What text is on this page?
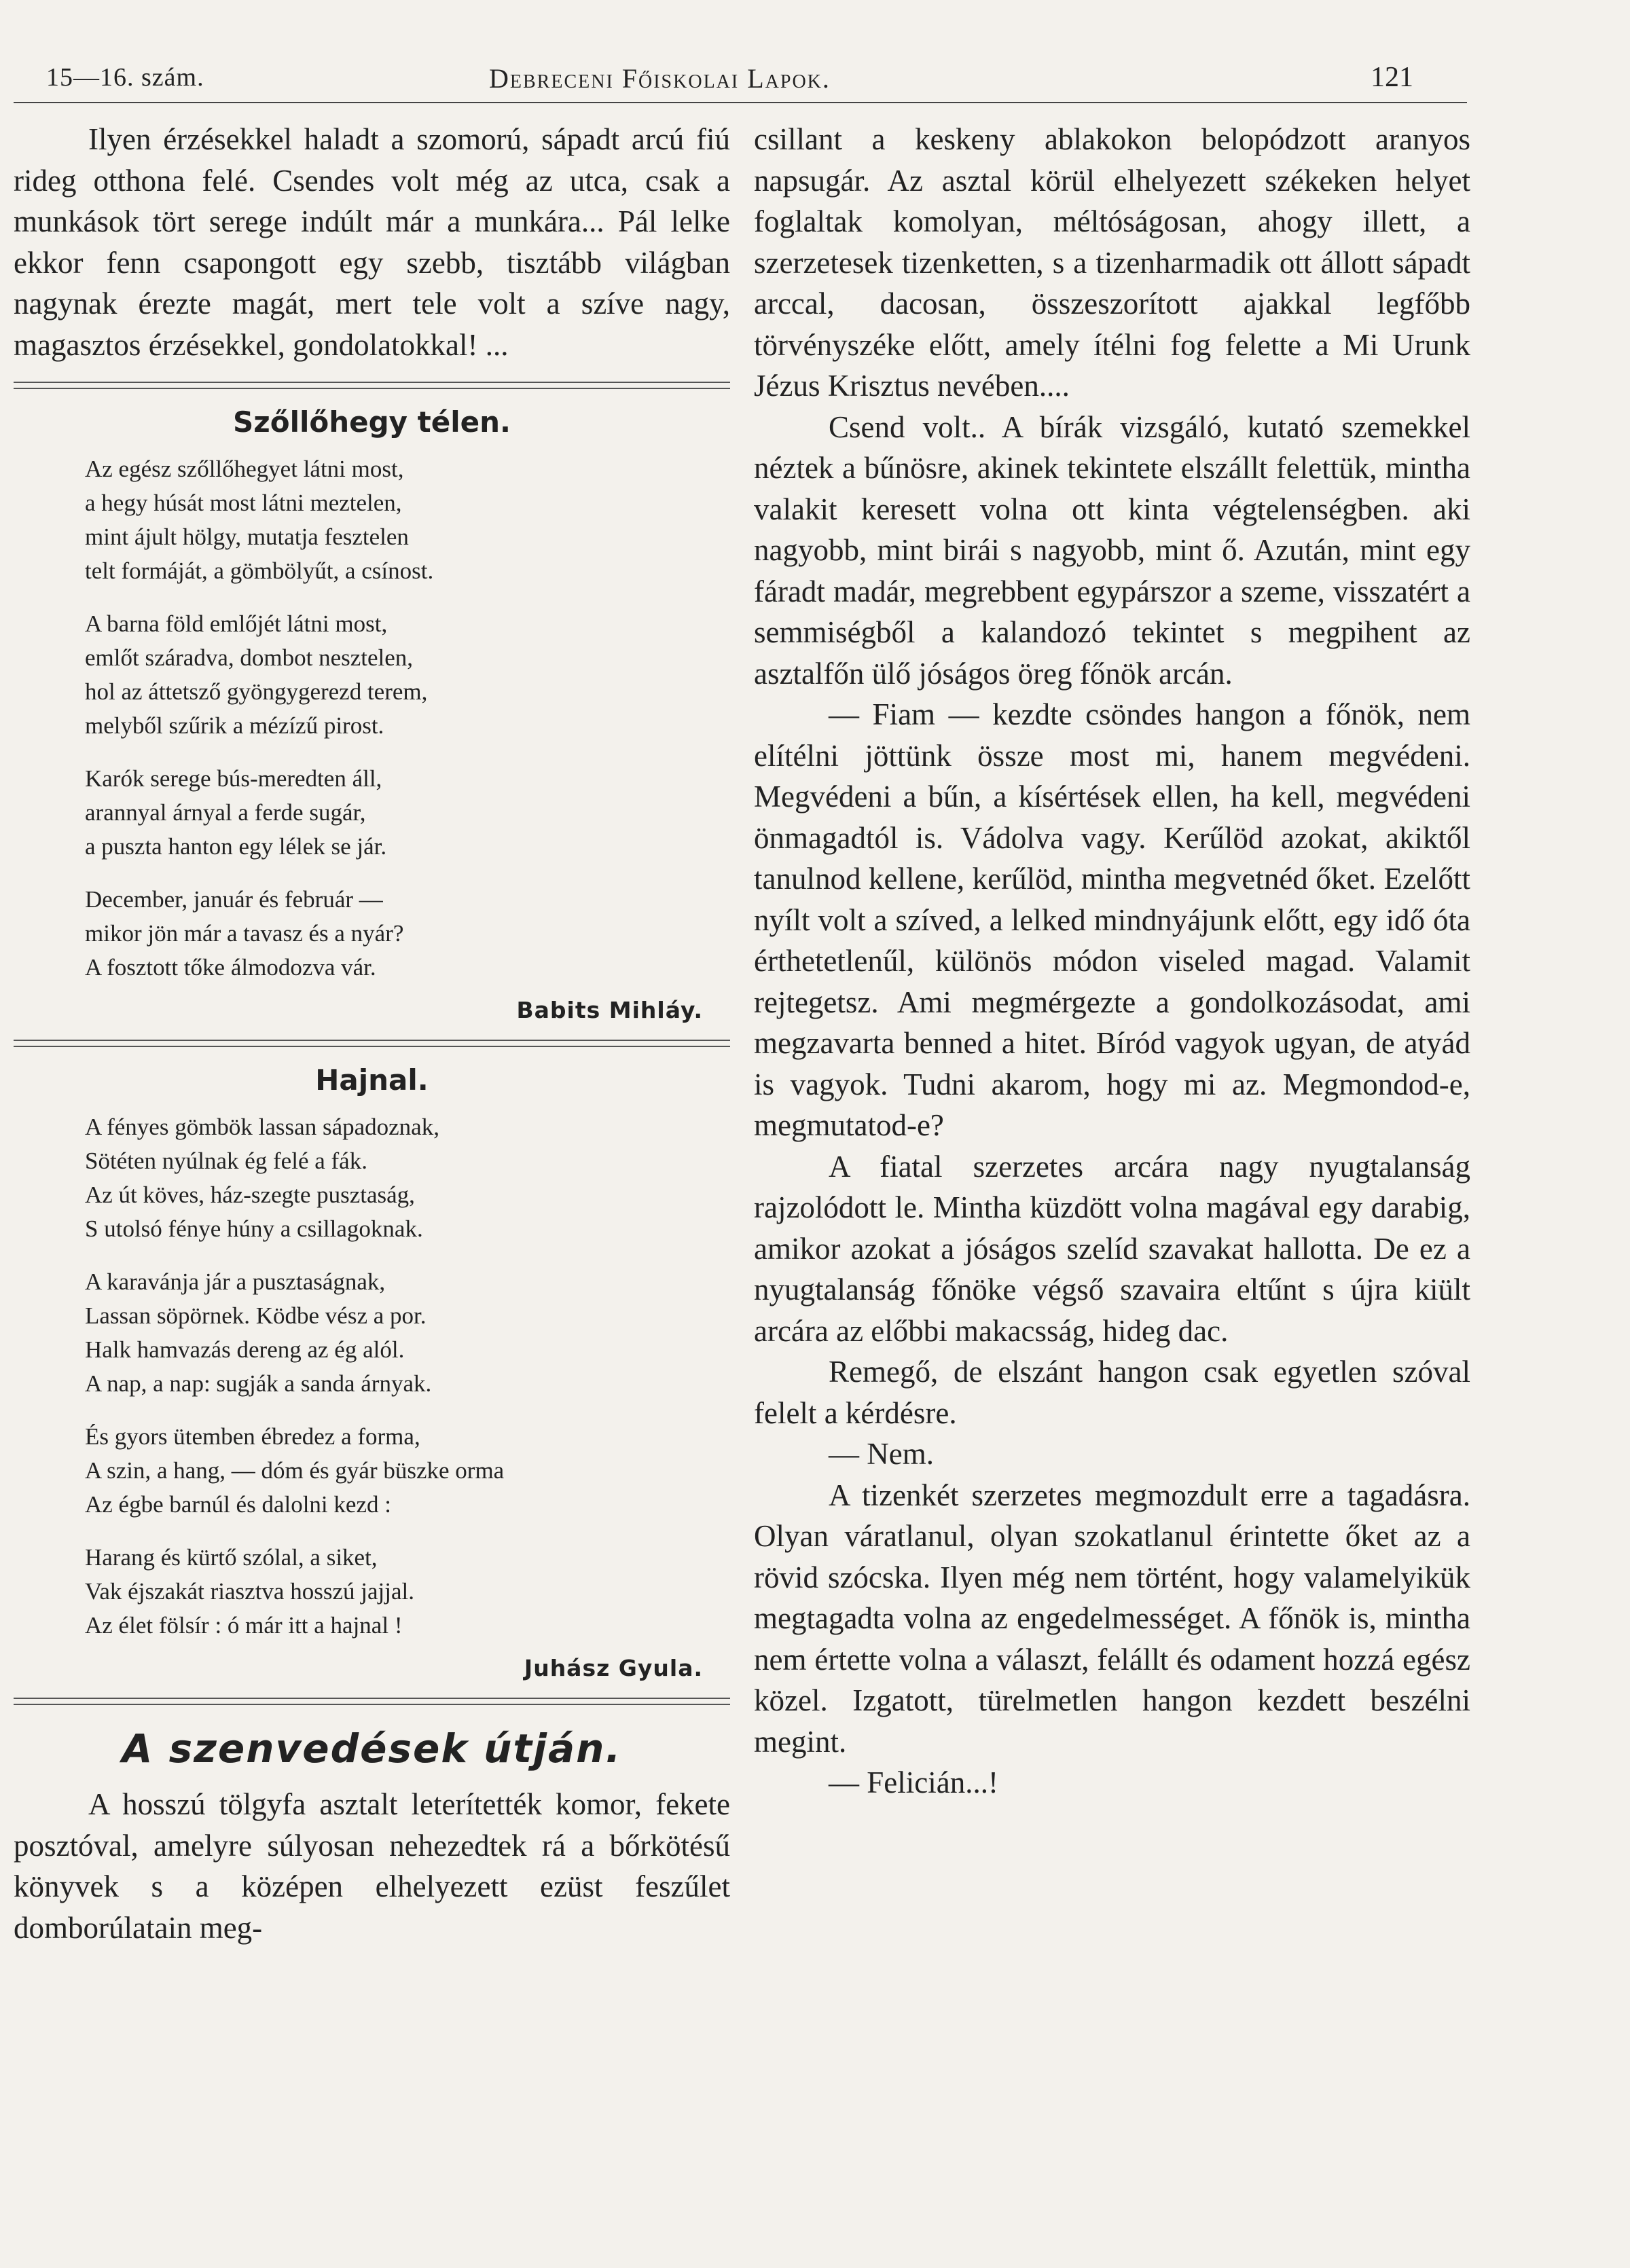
15—16. szám.	Debreceni Főiskolai Lapok.	121

Ilyen érzésekkel haladt a szomorú, sápadt arcú fiú rideg otthona felé. Csendes volt még az utca, csak a munkások tört serege indúlt már a munkára... Pál lelke ekkor fenn csapongott egy szebb, tisztább világban nagynak érezte magát, mert tele volt a szíve nagy, magasztos érzésekkel, gondolatokkal! ...

Szőllőhegy télen.
Az egész szőllőhegyet látni most,
a hegy húsát most látni meztelen,
mint ájult hölgy, mutatja fesztelen
telt formáját, a gömbölyűt, a csínost.
A barna föld emlőjét látni most,
emlőt száradva, dombot nesztelen,
hol az áttetsző gyöngygerezd terem,
melyből szűrik a mézízű pirost.
Karók serege bús-meredten áll,
arannyal árnyal a ferde sugár,
a puszta hanton egy lélek se jár.
December, január és február —
mikor jön már a tavasz és a nyár?
A fosztott tőke álmodozva vár.
Babits Mihláy.
Hajnal.
A fényes gömbök lassan sápadoznak,
Sötéten nyúlnak ég felé a fák.
Az út köves, ház-szegte pusztaság,
S utolsó fénye húny a csillagoknak.
A karavánja jár a pusztaságnak,
Lassan söpörnek. Ködbe vész a por.
Halk hamvazás dereng az ég alól.
A nap, a nap: sugják a sanda árnyak.
És gyors ütemben ébredez a forma,
A szin, a hang, — dóm és gyár büszke orma
Az égbe barnúl és dalolni kezd :
Harang és kürtő szólal, a siket,
Vak éjszakát riasztva hosszú jajjal.
Az élet fölsír : ó már itt a hajnal !
Juhász Gyula.
A szenvedések útján.

A hosszú tölgyfa asztalt leterítették komor, fekete posztóval, amelyre súlyosan nehezedtek rá a bőrkötésű könyvek s a középen elhelyezett ezüst feszűlet domborúlatain meg-

csillant a keskeny ablakokon belopódzott aranyos napsugár. Az asztal körül elhelyezett székeken helyet foglaltak komolyan, méltóságosan, ahogy illett, a szerzetesek tizenketten, s a tizenharmadik ott állott sápadt arccal, dacosan, összeszorított ajakkal legfőbb törvényszéke előtt, amely ítélni fog felette a Mi Urunk Jézus Krisztus nevében....

Csend volt.. A bírák vizsgáló, kutató szemekkel néztek a bűnösre, akinek tekintete elszállt felettük, mintha valakit keresett volna ott kinta végtelenségben. aki nagyobb, mint birái s nagyobb, mint ő. Azután, mint egy fáradt madár, megrebbent egypárszor a szeme, visszatért a semmiségből a kalandozó tekintet s megpihent az asztalfőn ülő jóságos öreg főnök arcán.

— Fiam — kezdte csöndes hangon a főnök, nem elítélni jöttünk össze most mi, hanem megvédeni. Megvédeni a bűn, a kísértések ellen, ha kell, megvédeni önmagadtól is. Vádolva vagy. Kerűlöd azokat, akiktől tanulnod kellene, kerűlöd, mintha megvetnéd őket. Ezelőtt nyílt volt a szíved, a lelked mindnyájunk előtt, egy idő óta érthetetlenűl, különös módon viseled magad. Valamit rejtegetsz. Ami megmérgezte a gondolkozásodat, ami megzavarta benned a hitet. Bíród vagyok ugyan, de atyád is vagyok. Tudni akarom, hogy mi az. Megmondod-e, megmutatod-e?

A fiatal szerzetes arcára nagy nyugtalanság rajzolódott le. Mintha küzdött volna magával egy darabig, amikor azokat a jóságos szelíd szavakat hallotta. De ez a nyugtalanság főnöke végső szavaira eltűnt s újra kiült arcára az előbbi makacsság, hideg dac.

Remegő, de elszánt hangon csak egyetlen szóval felelt a kérdésre.

— Nem.

A tizenkét szerzetes megmozdult erre a tagadásra. Olyan váratlanul, olyan szokatlanul érintette őket az a rövid szócska. Ilyen még nem történt, hogy valamelyikük megtagadta volna az engedelmességet. A főnök is, mintha nem értette volna a választ, felállt és odament hozzá egész közel. Izgatott, türelmetlen hangon kezdett beszélni megint.

— Felicián...!
